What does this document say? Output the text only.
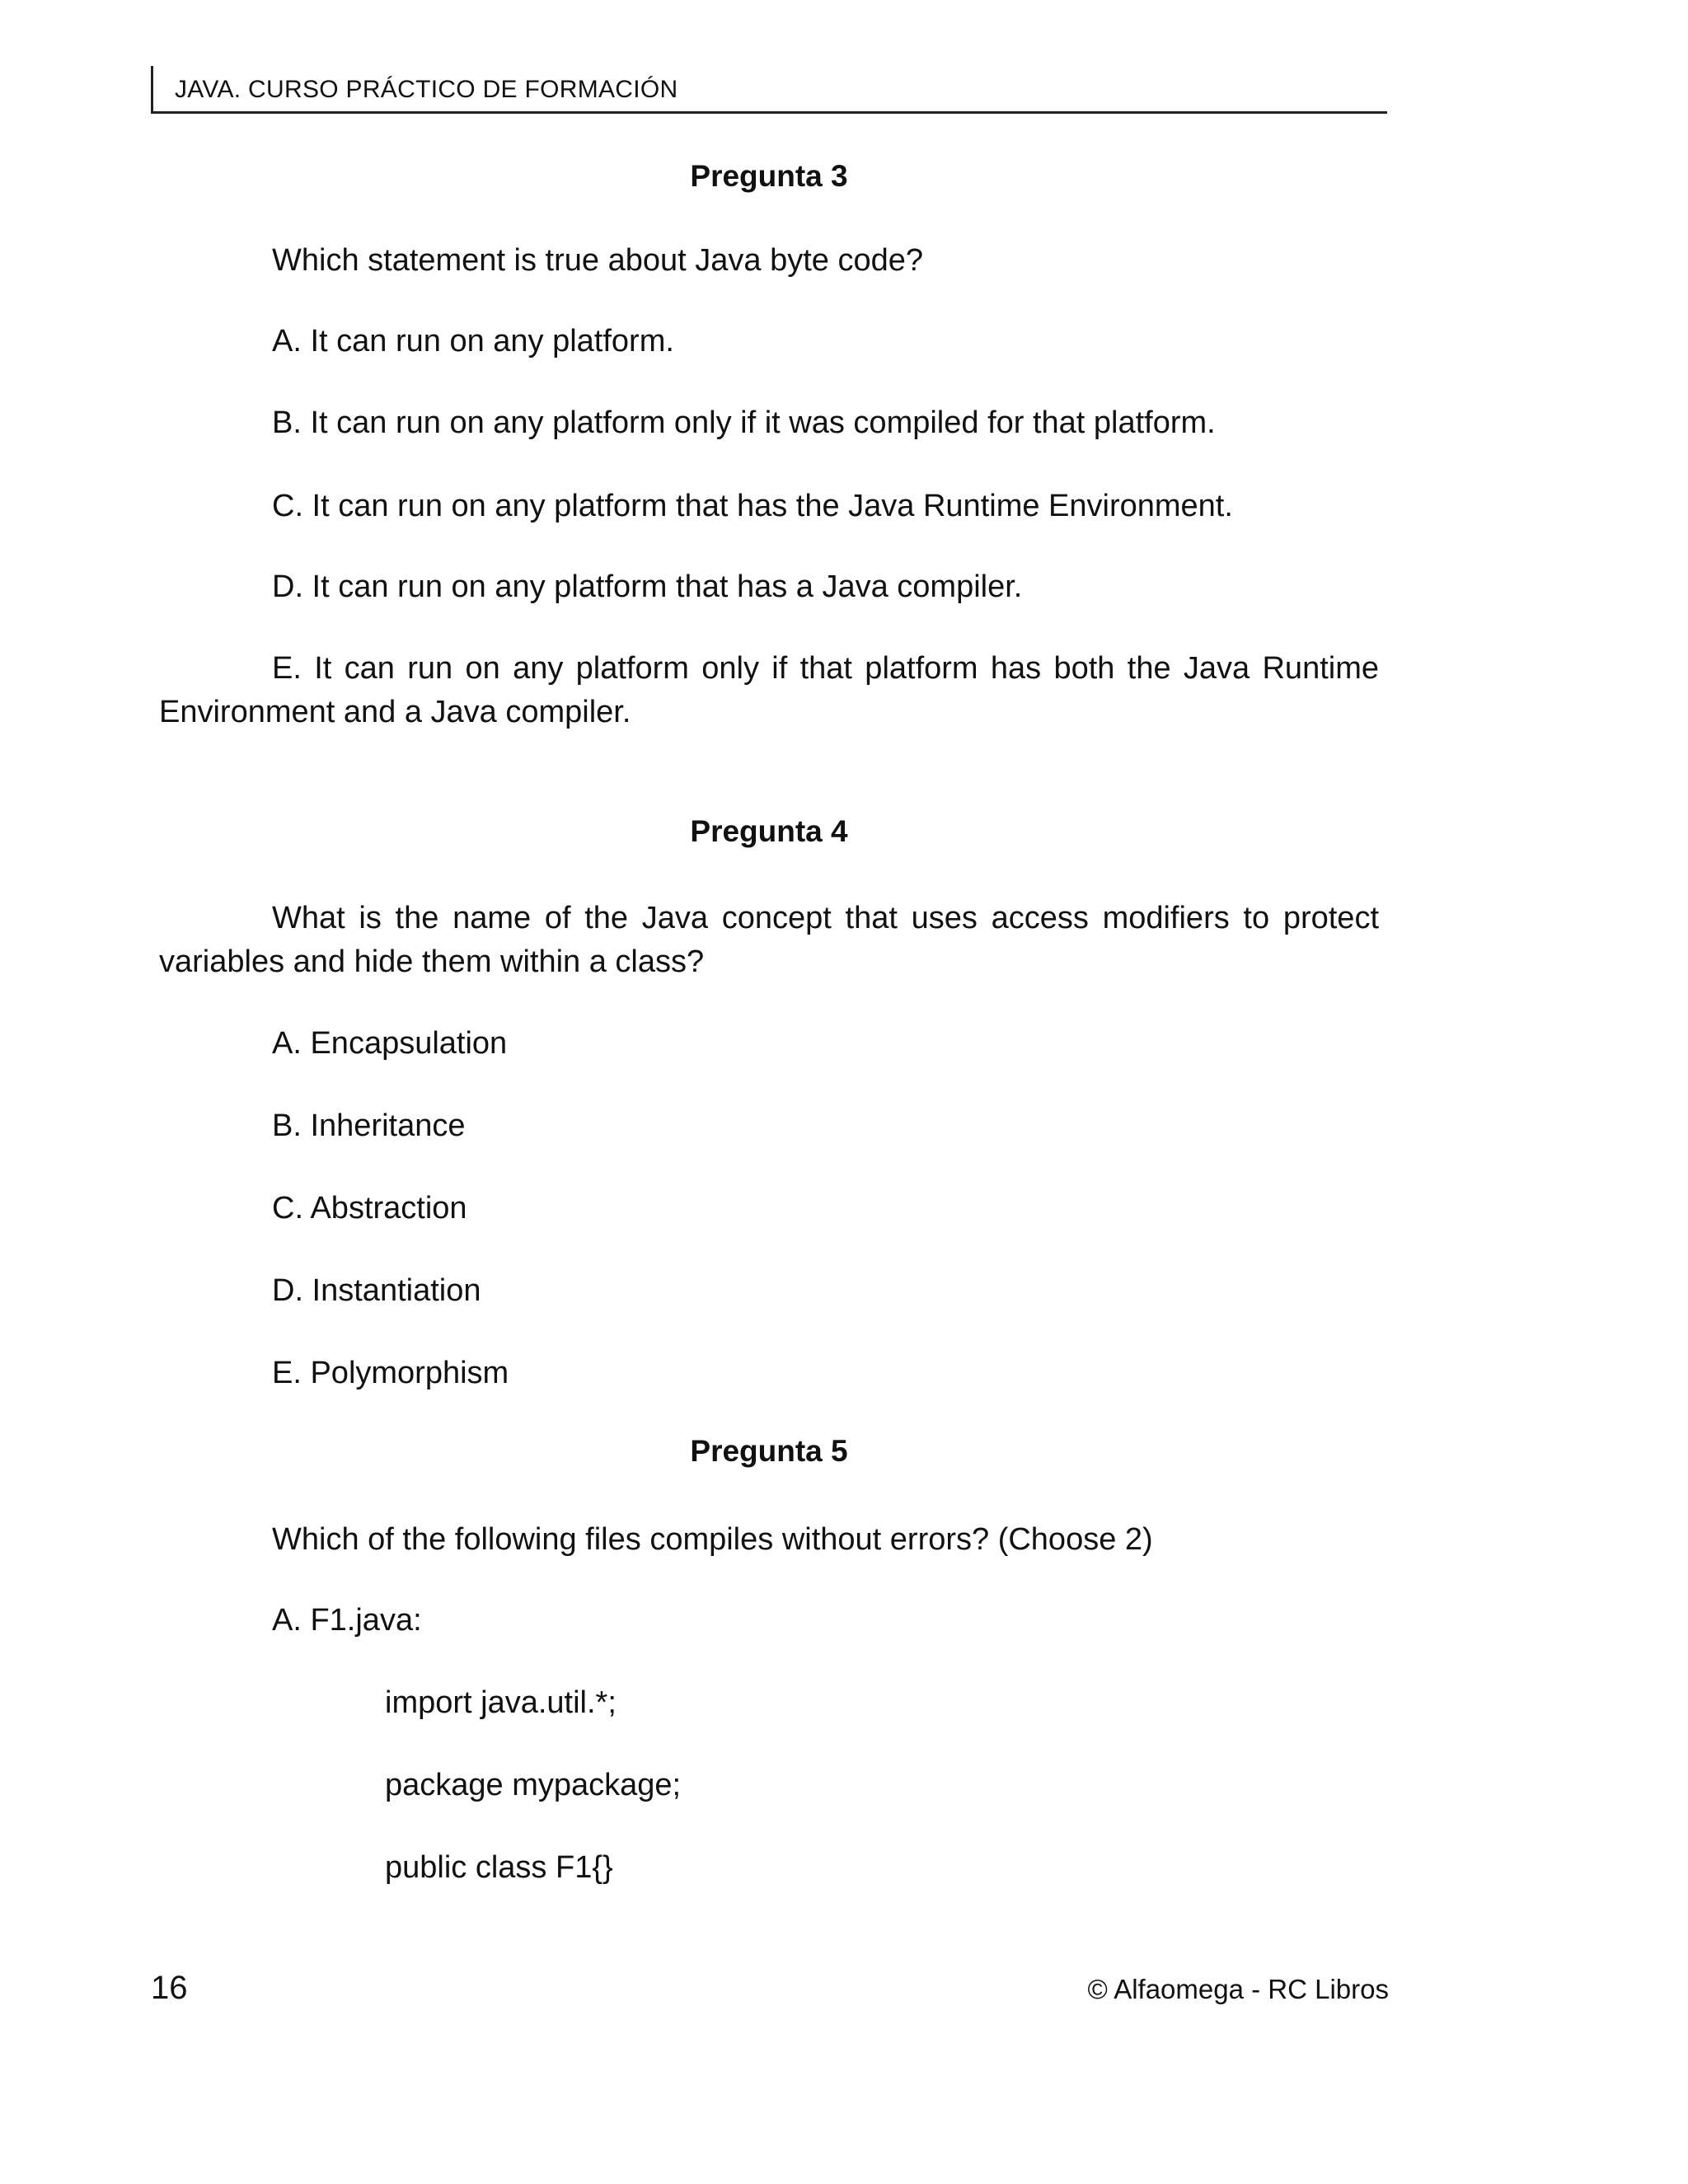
JAVA. CURSO PRÁCTICO DE FORMACIÓN
Pregunta 3
Which statement is true about Java byte code?
A. It can run on any platform.
B. It can run on any platform only if it was compiled for that platform.
C. It can run on any platform that has the Java Runtime Environment.
D. It can run on any platform that has a Java compiler.
E. It can run on any platform only if that platform has both the Java Runtime Environment and a Java compiler.
Pregunta 4
What is the name of the Java concept that uses access modifiers to protect variables and hide them within a class?
A. Encapsulation
B. Inheritance
C. Abstraction
D. Instantiation
E. Polymorphism
Pregunta 5
Which of the following files compiles without errors? (Choose 2)
A. F1.java:
import java.util.*;
package mypackage;
public class F1{}
16	© Alfaomega - RC Libros
